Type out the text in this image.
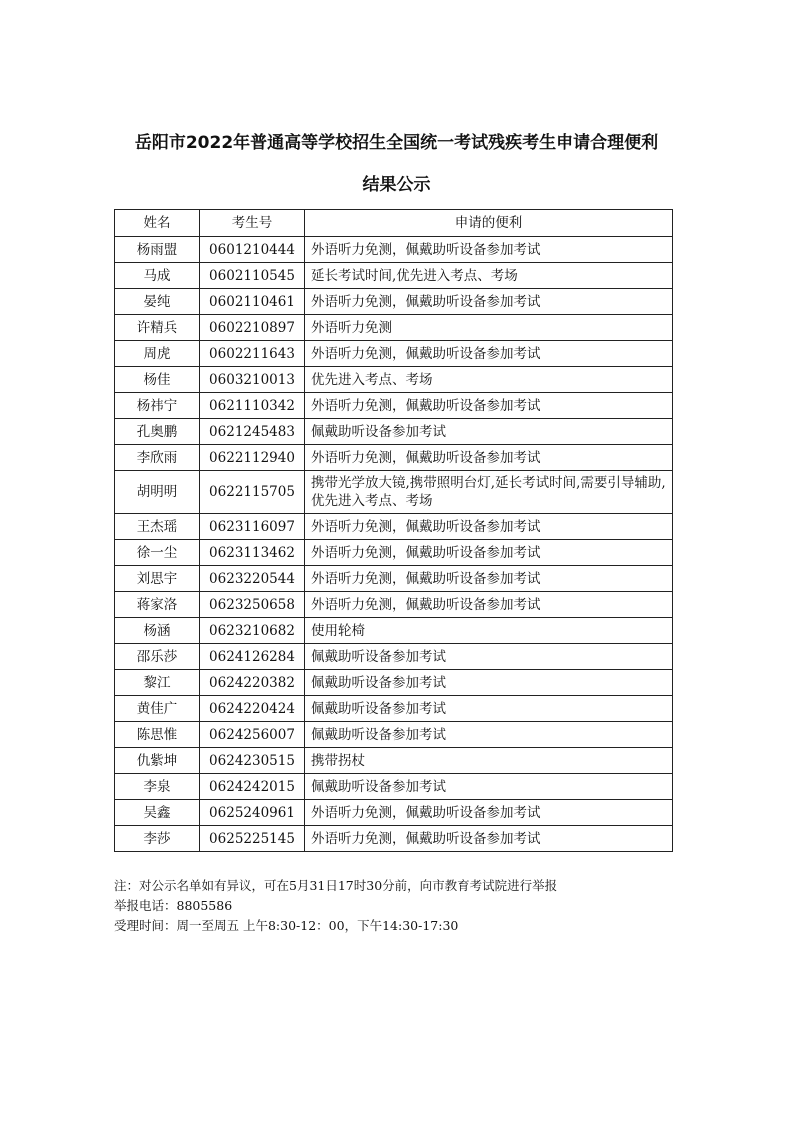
岳阳市2022年普通高等学校招生全国统一考试残疾考生申请合理便利
结果公示
姓名	考生号	申请的便利
杨雨盟	0601210444	外语听力免测，佩戴助听设备参加考试
马成	0602110545	延长考试时间,优先进入考点、考场
晏纯	0602110461	外语听力免测，佩戴助听设备参加考试
许精兵	0602210897	外语听力免测
周虎	0602211643	外语听力免测，佩戴助听设备参加考试
杨佳	0603210013	优先进入考点、考场
杨祎宁	0621110342	外语听力免测，佩戴助听设备参加考试
孔奥鹏	0621245483	佩戴助听设备参加考试
李欣雨	0622112940	外语听力免测，佩戴助听设备参加考试
胡明明	0622115705	携带光学放大镜,携带照明台灯,延长考试时间,需要引导辅助,优先进入考点、考场
王杰瑶	0623116097	外语听力免测，佩戴助听设备参加考试
徐一尘	0623113462	外语听力免测，佩戴助听设备参加考试
刘思宇	0623220544	外语听力免测，佩戴助听设备参加考试
蒋家洛	0623250658	外语听力免测，佩戴助听设备参加考试
杨涵	0623210682	使用轮椅
邵乐莎	0624126284	佩戴助听设备参加考试
黎江	0624220382	佩戴助听设备参加考试
黄佳广	0624220424	佩戴助听设备参加考试
陈思惟	0624256007	佩戴助听设备参加考试
仇紫坤	0624230515	携带拐杖
李泉	0624242015	佩戴助听设备参加考试
吴鑫	0625240961	外语听力免测，佩戴助听设备参加考试
李莎	0625225145	外语听力免测，佩戴助听设备参加考试
注：对公示名单如有异议，可在5月31日17时30分前，向市教育考试院进行举报
举报电话：8805586
受理时间：周一至周五 上午8:30-12：00，下午14:30-17:30
